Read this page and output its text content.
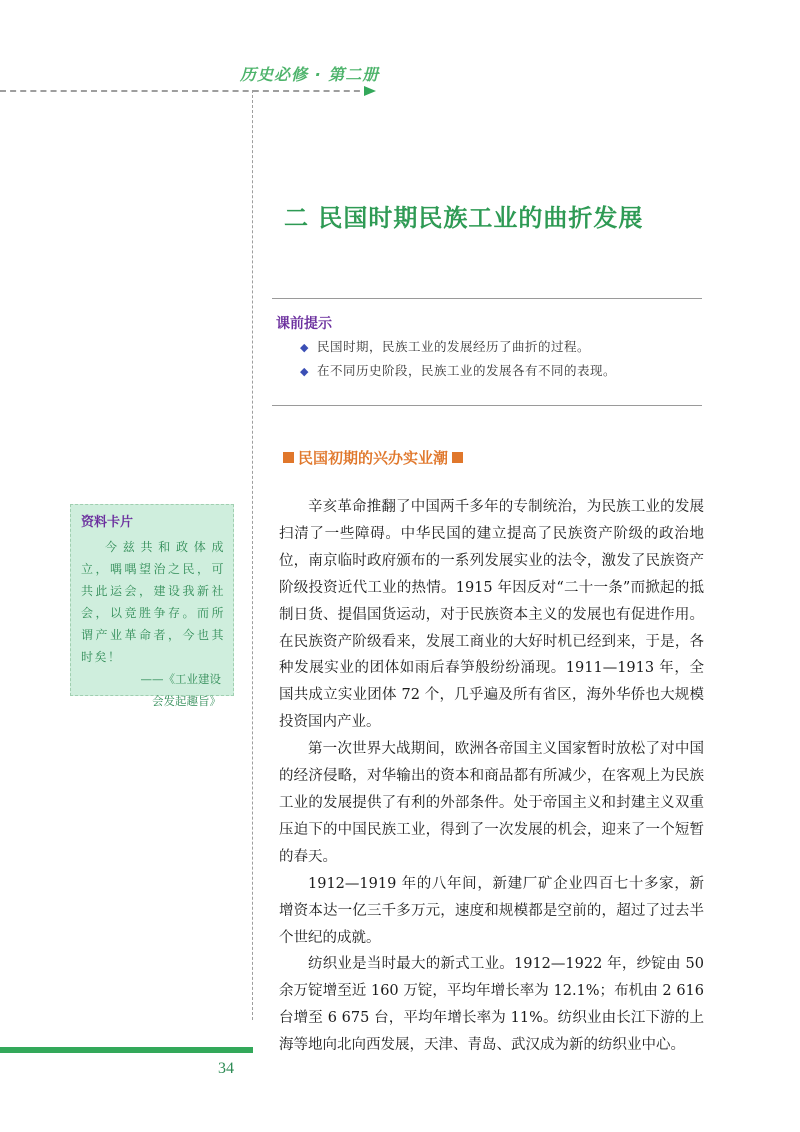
历史必修 · 第二册
二 民国时期民族工业的曲折发展
课前提示
◆ 民国时期，民族工业的发展经历了曲折的过程。
◆ 在不同历史阶段，民族工业的发展各有不同的表现。
民国初期的兴办实业潮
资料卡片
今兹共和政体成立，喁喁望治之民，可共此运会，建设我新社会，以竞胜争存。而所谓产业革命者，今也其时矣！
——《工业建设
会发起趣旨》

辛亥革命推翻了中国两千多年的专制统治，为民族工业的发展扫清了一些障碍。中华民国的建立提高了民族资产阶级的政治地位，南京临时政府颁布的一系列发展实业的法令，激发了民族资产阶级投资近代工业的热情。1915 年因反对“二十一条”而掀起的抵制日货、提倡国货运动，对于民族资本主义的发展也有促进作用。在民族资产阶级看来，发展工商业的大好时机已经到来，于是，各种发展实业的团体如雨后春笋般纷纷涌现。1911—1913 年，全国共成立实业团体 72 个，几乎遍及所有省区，海外华侨也大规模投资国内产业。

第一次世界大战期间，欧洲各帝国主义国家暂时放松了对中国的经济侵略，对华输出的资本和商品都有所减少，在客观上为民族工业的发展提供了有利的外部条件。处于帝国主义和封建主义双重压迫下的中国民族工业，得到了一次发展的机会，迎来了一个短暂的春天。

1912—1919 年的八年间，新建厂矿企业四百七十多家，新增资本达一亿三千多万元，速度和规模都是空前的，超过了过去半个世纪的成就。

纺织业是当时最大的新式工业。1912—1922 年，纱锭由 50 余万锭增至近 160 万锭，平均年增长率为 12.1%；布机由 2 616 台增至 6 675 台，平均年增长率为 11%。纺织业由长江下游的上海等地向北向西发展，天津、青岛、武汉成为新的纺织业中心。

34
